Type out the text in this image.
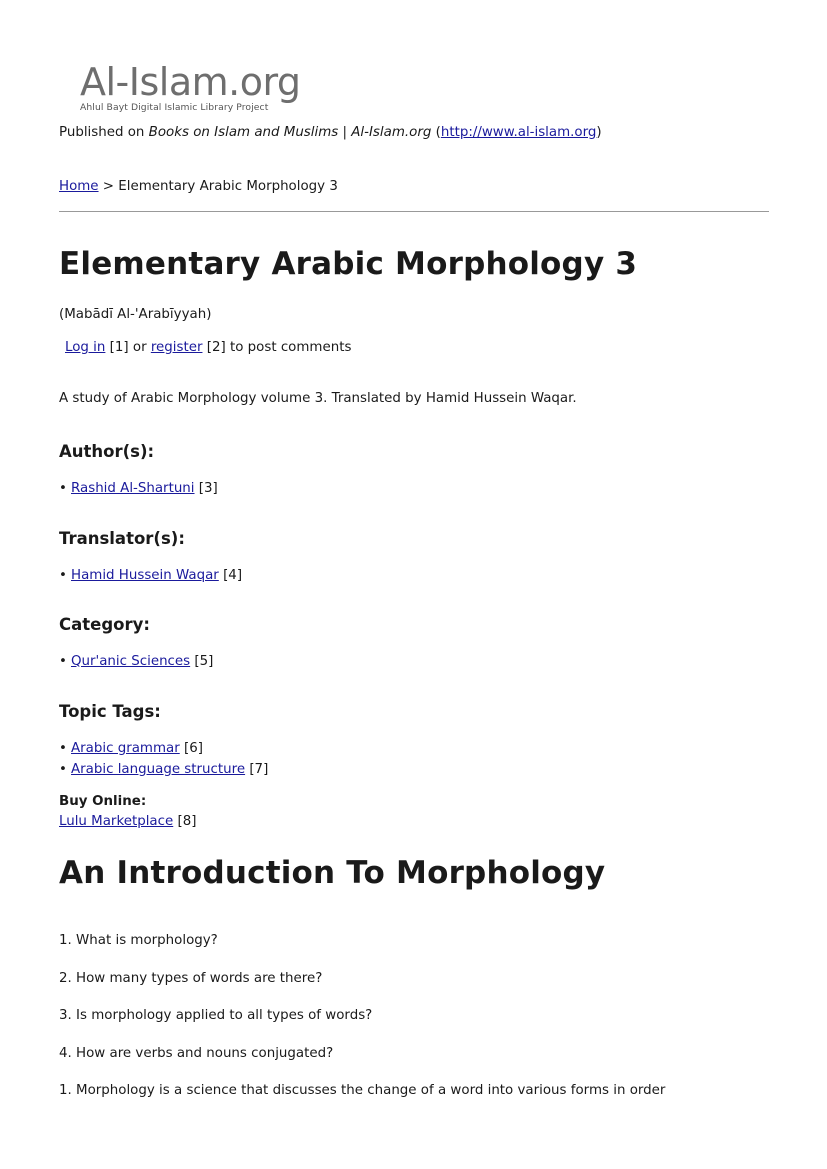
Al-Islam.org
Ahlul Bayt Digital Islamic Library Project
Published on Books on Islam and Muslims | Al-Islam.org (http://www.al-islam.org)
Home > Elementary Arabic Morphology 3
Elementary Arabic Morphology 3
(Mabādī Al-'Arabīyyah)
Log in [1] or register [2] to post comments
A study of Arabic Morphology volume 3. Translated by Hamid Hussein Waqar.
Author(s):
• Rashid Al-Shartuni [3]
Translator(s):
• Hamid Hussein Waqar [4]
Category:
• Qur'anic Sciences [5]
Topic Tags:
• Arabic grammar [6]
• Arabic language structure [7]
Buy Online:
Lulu Marketplace [8]
An Introduction To Morphology
1. What is morphology?
2. How many types of words are there?
3. Is morphology applied to all types of words?
4. How are verbs and nouns conjugated?
1. Morphology is a science that discusses the change of a word into various forms in order
